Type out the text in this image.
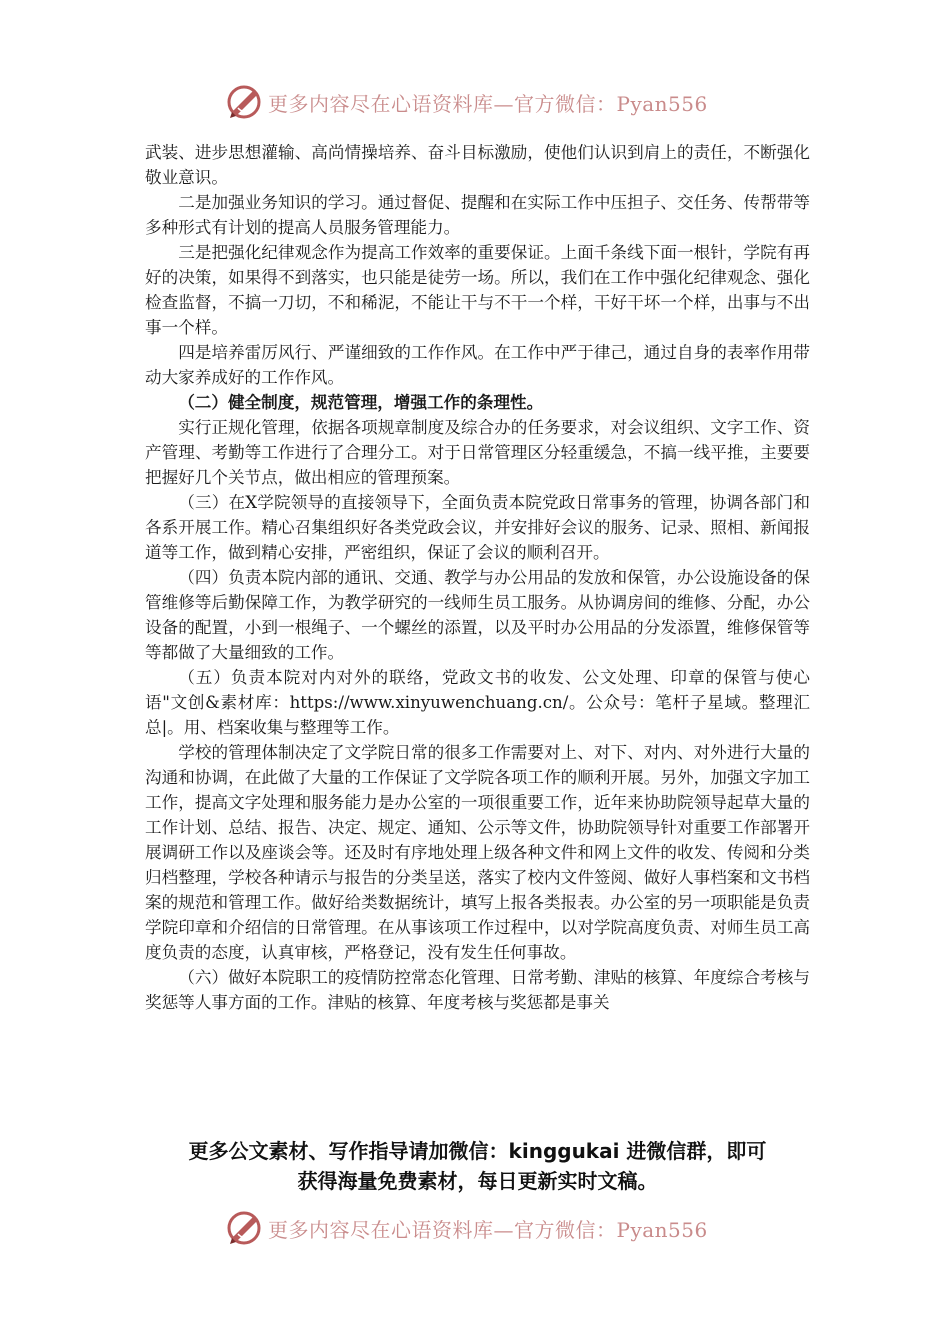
更多内容尽在心语资料库—官方微信：Pyan556

武装、进步思想灌输、高尚情操培养、奋斗目标激励，使他们认识到肩上的责任，不断强化敬业意识。

二是加强业务知识的学习。通过督促、提醒和在实际工作中压担子、交任务、传帮带等多种形式有计划的提高人员服务管理能力。

三是把强化纪律观念作为提高工作效率的重要保证。上面千条线下面一根针，学院有再好的决策，如果得不到落实，也只能是徒劳一场。所以，我们在工作中强化纪律观念、强化检查监督，不搞一刀切，不和稀泥，不能让干与不干一个样，干好干坏一个样，出事与不出事一个样。

四是培养雷厉风行、严谨细致的工作作风。在工作中严于律己，通过自身的表率作用带动大家养成好的工作作风。

（二）健全制度，规范管理，增强工作的条理性。

实行正规化管理，依据各项规章制度及综合办的任务要求，对会议组织、文字工作、资产管理、考勤等工作进行了合理分工。对于日常管理区分轻重缓急，不搞一线平推，主要要把握好几个关节点，做出相应的管理预案。

（三）在X学院领导的直接领导下，全面负责本院党政日常事务的管理，协调各部门和各系开展工作。精心召集组织好各类党政会议，并安排好会议的服务、记录、照相、新闻报道等工作，做到精心安排，严密组织，保证了会议的顺利召开。

（四）负责本院内部的通讯、交通、教学与办公用品的发放和保管，办公设施设备的保管维修等后勤保障工作，为教学研究的一线师生员工服务。从协调房间的维修、分配，办公设备的配置，小到一根绳子、一个螺丝的添置，以及平时办公用品的分发添置，维修保管等等都做了大量细致的工作。

（五）负责本院对内对外的联络，党政文书的收发、公文处理、印章的保管与使心语"文创&素材库：https://www.xinyuwenchuang.cn/。公众号：笔杆子星域。整理汇总|。用、档案收集与整理等工作。

学校的管理体制决定了文学院日常的很多工作需要对上、对下、对内、对外进行大量的沟通和协调，在此做了大量的工作保证了文学院各项工作的顺利开展。另外，加强文字加工工作，提高文字处理和服务能力是办公室的一项很重要工作，近年来协助院领导起草大量的工作计划、总结、报告、决定、规定、通知、公示等文件，协助院领导针对重要工作部署开展调研工作以及座谈会等。还及时有序地处理上级各种文件和网上文件的收发、传阅和分类归档整理，学校各种请示与报告的分类呈送，落实了校内文件签阅、做好人事档案和文书档案的规范和管理工作。做好给类数据统计，填写上报各类报表。办公室的另一项职能是负责学院印章和介绍信的日常管理。在从事该项工作过程中，以对学院高度负责、对师生员工高度负责的态度，认真审核，严格登记，没有发生任何事故。

（六）做好本院职工的疫情防控常态化管理、日常考勤、津贴的核算、年度综合考核与奖惩等人事方面的工作。津贴的核算、年度考核与奖惩都是事关

更多公文素材、写作指导请加微信：kinggukai 进微信群，即可
获得海量免费素材，每日更新实时文稿。
更多内容尽在心语资料库—官方微信：Pyan556
